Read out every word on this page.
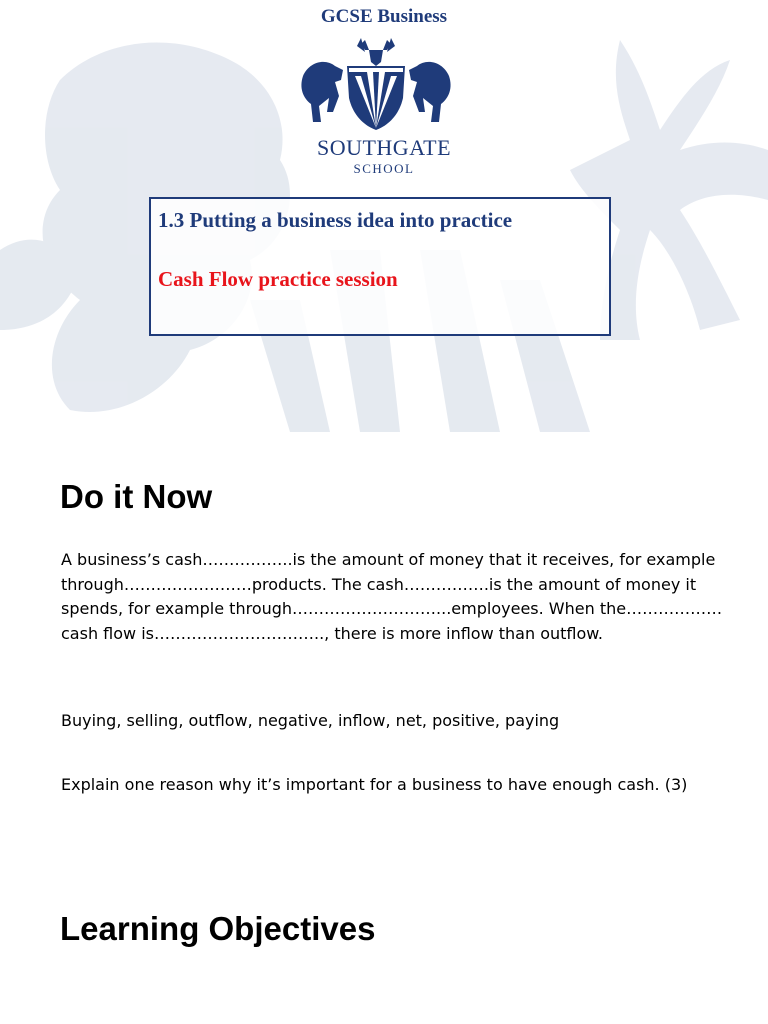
GCSE Business
SOUTHGATE
SCHOOL
1.3 Putting a business idea into practice
Cash Flow practice session
Do it Now
A business’s cash……………..is the amount of money that it receives, for example through……………………products. The cash…………….is the amount of money it spends, for example through………………………...employees. When the………………cash flow is………………………….., there is more inflow than outflow.
Buying, selling, outflow, negative, inflow, net, positive, paying
Explain one reason why it’s important for a business to have enough cash. (3)
Learning Objectives
